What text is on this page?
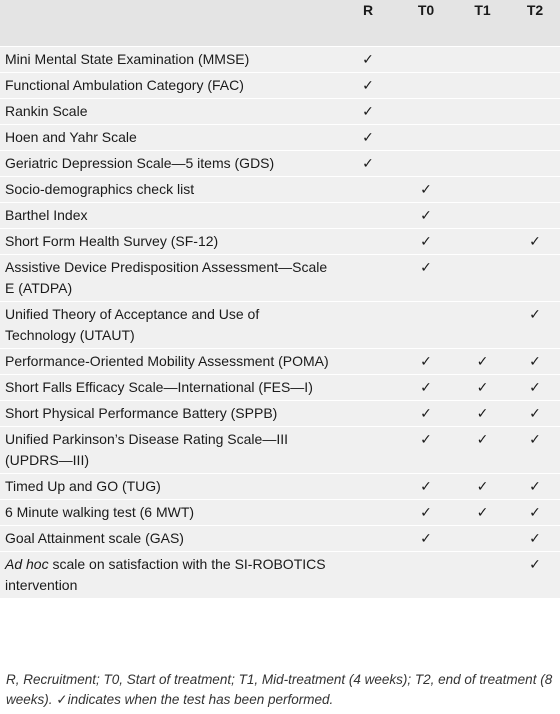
	R	T0	T1	T2
Mini Mental State Examination (MMSE)	✓			
Functional Ambulation Category (FAC)	✓			
Rankin Scale	✓			
Hoen and Yahr Scale	✓			
Geriatric Depression Scale—5 items (GDS)	✓			
Socio-demographics check list		✓		
Barthel Index		✓		
Short Form Health Survey (SF-12)		✓		✓
Assistive Device Predisposition Assessment—Scale E (ATDPA)		✓		
Unified Theory of Acceptance and Use of Technology (UTAUT)				✓
Performance-Oriented Mobility Assessment (POMA)		✓	✓	✓
Short Falls Efficacy Scale—International (FES—I)		✓	✓	✓
Short Physical Performance Battery (SPPB)		✓	✓	✓
Unified Parkinson’s Disease Rating Scale—III (UPDRS—III)		✓	✓	✓
Timed Up and GO (TUG)		✓	✓	✓
6 Minute walking test (6 MWT)		✓	✓	✓
Goal Attainment scale (GAS)		✓		✓
Ad hoc scale on satisfaction with the SI-ROBOTICS intervention				✓
R, Recruitment; T0, Start of treatment; T1, Mid-treatment (4 weeks); T2, end of treatment (8 weeks). ✓indicates when the test has been performed.
